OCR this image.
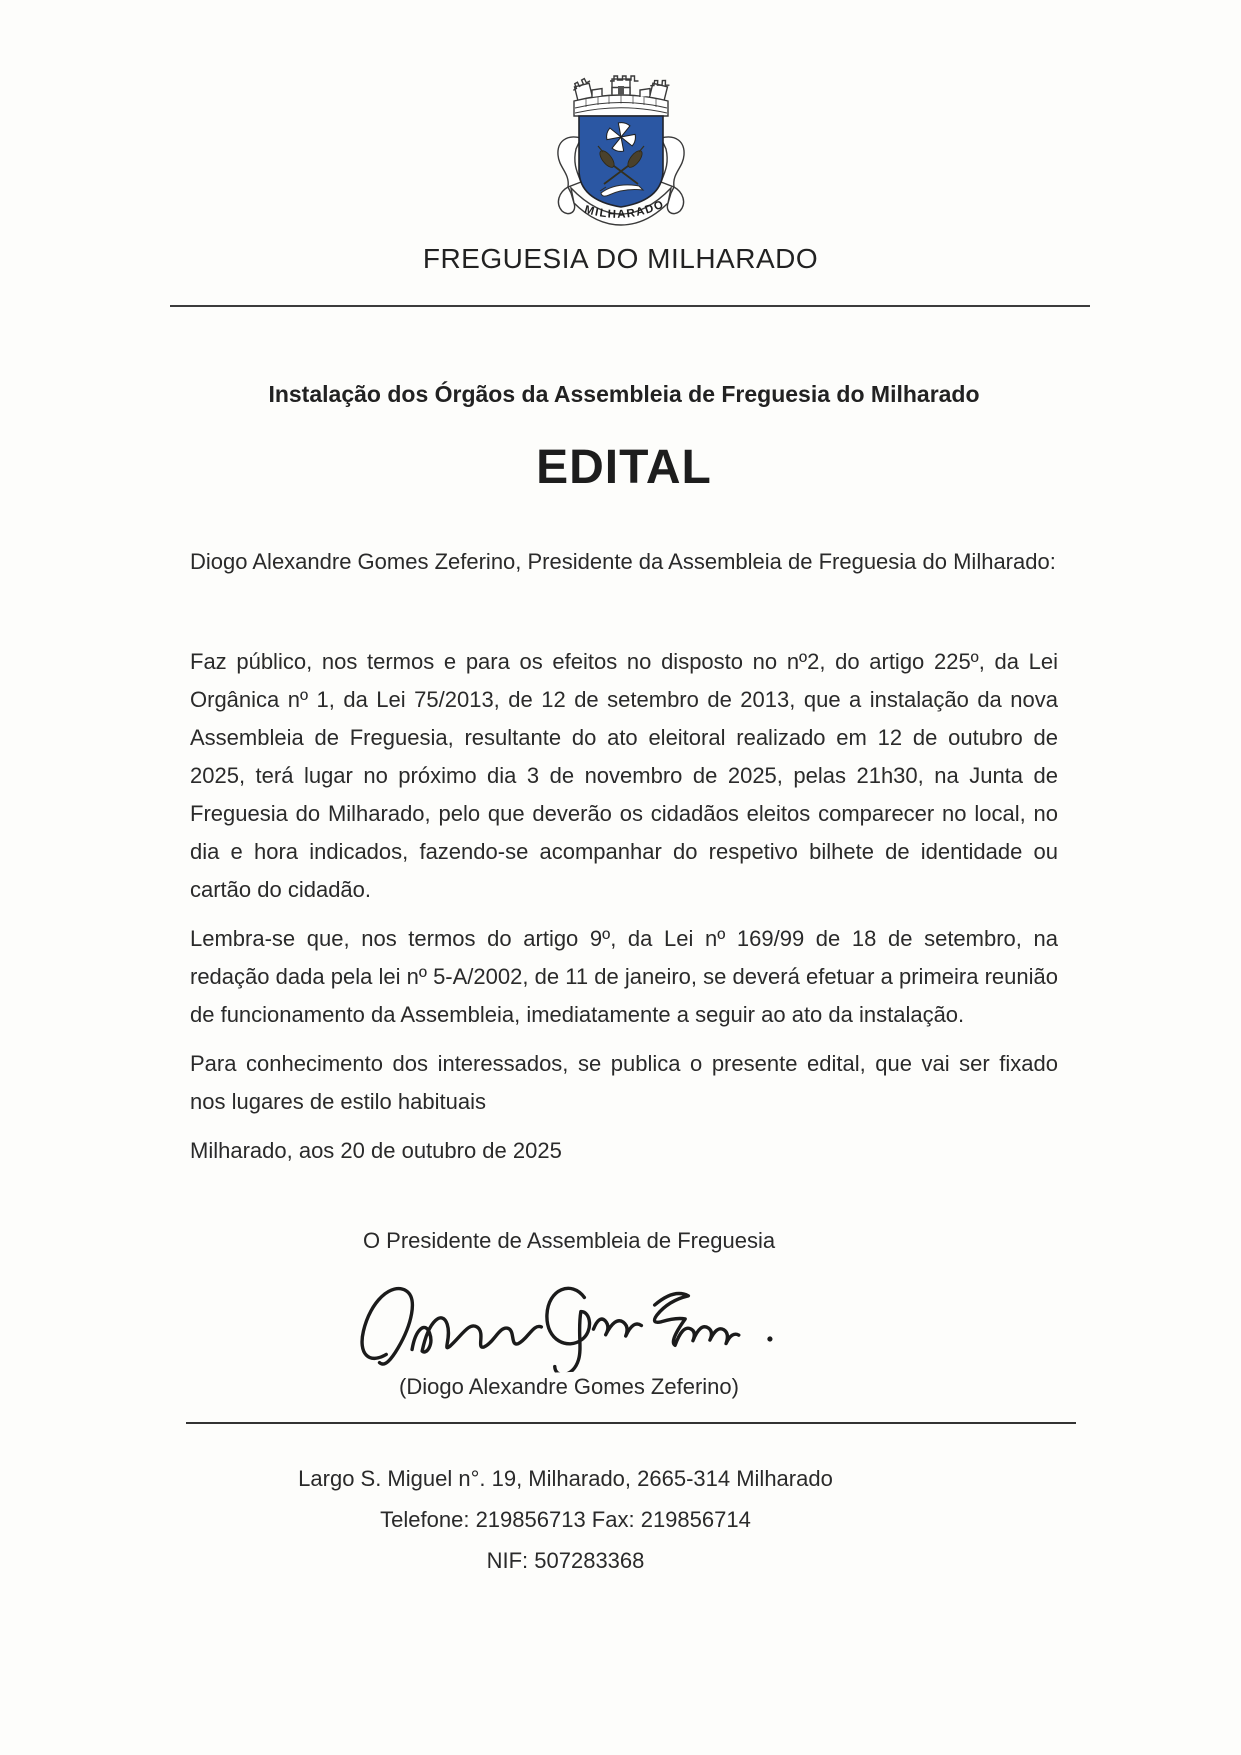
MILHARADO
FREGUESIA DO MILHARADO
Instalação dos Órgãos da Assembleia de Freguesia do Milharado
EDITAL

Diogo Alexandre Gomes Zeferino, Presidente da Assembleia de Freguesia do Milharado:

Faz público, nos termos e para os efeitos no disposto no nº2, do artigo 225º, da Lei Orgânica nº 1, da Lei 75/2013, de 12 de setembro de 2013, que a instalação da nova Assembleia de Freguesia, resultante do ato eleitoral realizado em 12 de outubro de 2025, terá lugar no próximo dia 3 de novembro de 2025, pelas 21h30, na Junta de Freguesia do Milharado, pelo que deverão os cidadãos eleitos comparecer no local, no dia e hora indicados, fazendo-se acompanhar do respetivo bilhete de identidade ou cartão do cidadão.

Lembra-se que, nos termos do artigo 9º, da Lei nº 169/99 de 18 de setembro, na redação dada pela lei nº 5-A/2002, de 11 de janeiro, se deverá efetuar a primeira reunião de funcionamento da Assembleia, imediatamente a seguir ao ato da instalação.

Para conhecimento dos interessados, se publica o presente edital, que vai ser fixado nos lugares de estilo habituais

Milharado, aos 20 de outubro de 2025

O Presidente de Assembleia de Freguesia
(Diogo Alexandre Gomes Zeferino)
Largo S. Miguel n°. 19, Milharado, 2665-314 Milharado
Telefone: 219856713 Fax: 219856714
NIF: 507283368
